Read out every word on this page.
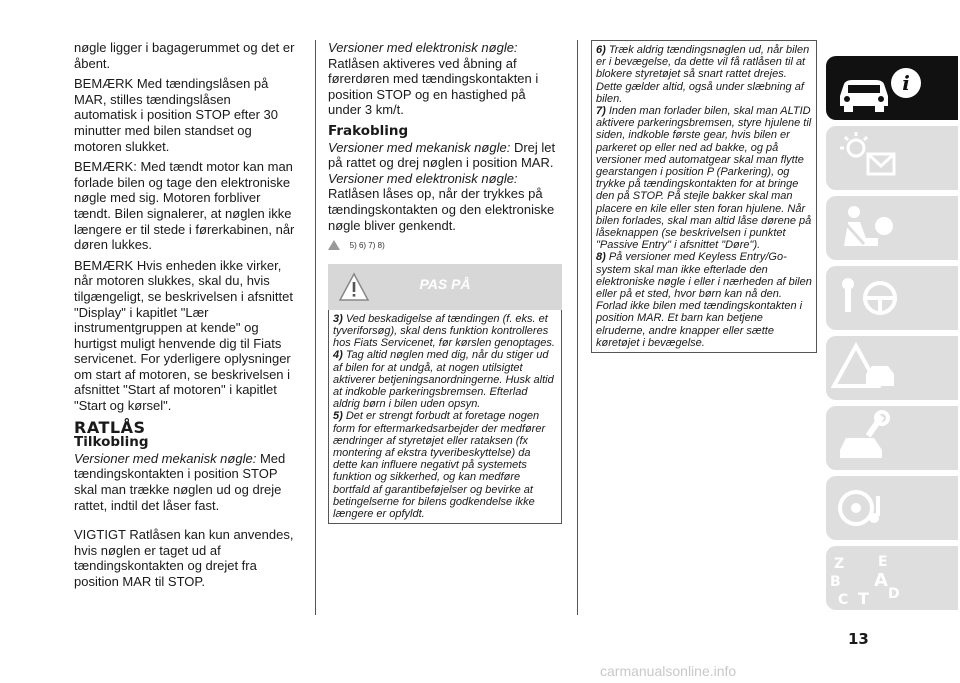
nøgle ligger i bagagerummet og det er åbent.

BEMÆRK Med tændingslåsen på MAR, stilles tændingslåsen automatisk i position STOP efter 30 minutter med bilen standset og motoren slukket.

BEMÆRK: Med tændt motor kan man forlade bilen og tage den elektroniske nøgle med sig. Motoren forbliver tændt. Bilen signalerer, at nøglen ikke længere er til stede i førerkabinen, når døren lukkes.

BEMÆRK Hvis enheden ikke virker, når motoren slukkes, skal du, hvis tilgængeligt, se beskrivelsen i afsnittet "Display" i kapitlet "Lær instrumentgruppen at kende" og hurtigst muligt henvende dig til Fiats servicenet. For yderligere oplysninger om start af motoren, se beskrivelsen i afsnittet "Start af motoren" i kapitlet "Start og kørsel".

RATLÅS
Tilkobling

Versioner med mekanisk nøgle: Med tændingskontakten i position STOP skal man trække nøglen ud og dreje rattet, indtil det låser fast.

VIGTIGT Ratlåsen kan kun anvendes, hvis nøglen er taget ud af tændingskontakten og drejet fra position MAR til STOP.

Versioner med elektronisk nøgle:

Ratlåsen aktiveres ved åbning af førerdøren med tændingskontakten i position STOP og en hastighed på under 3 km/t.

Frakobling

Versioner med mekanisk nøgle: Drej let på rattet og drej nøglen i position MAR.

Versioner med elektronisk nøgle:

Ratlåsen låses op, når der trykkes på tændingskontakten og den elektroniske nøgle bliver genkendt.

5) 6) 7) 8)
PAS PÅ

3) Ved beskadigelse af tændingen (f. eks. et tyveriforsøg), skal dens funktion kontrolleres hos Fiats Servicenet, før kørslen genoptages.

4) Tag altid nøglen med dig, når du stiger ud af bilen for at undgå, at nogen utilsigtet aktiverer betjeningsanordningerne. Husk altid at indkoble parkeringsbremsen. Efterlad aldrig børn i bilen uden opsyn.

5) Det er strengt forbudt at foretage nogen form for eftermarkedsarbejder der medfører ændringer af styretøjet eller rataksen (fx montering af ekstra tyveribeskyttelse) da dette kan influere negativt på systemets funktion og sikkerhed, og kan medføre bortfald af garantibeføjelser og bevirke at betingelserne for bilens godkendelse ikke længere er opfyldt.

6) Træk aldrig tændingsnøglen ud, når bilen er i bevægelse, da dette vil få ratlåsen til at blokere styretøjet så snart rattet drejes. Dette gælder altid, også under slæbning af bilen.

7) Inden man forlader bilen, skal man ALTID aktivere parkeringsbremsen, styre hjulene til siden, indkoble første gear, hvis bilen er parkeret op eller ned ad bakke, og på versioner med automatgear skal man flytte gearstangen i position P (Parkering), og trykke på tændingskontakten for at bringe den på STOP. På stejle bakker skal man placere en kile eller sten foran hjulene. Når bilen forlades, skal man altid låse dørene på låseknappen (se beskrivelsen i punktet "Passive Entry" i afsnittet "Døre").

8) På versioner med Keyless Entry/Go-system skal man ikke efterlade den elektroniske nøgle i eller i nærheden af bilen eller på et sted, hvor børn kan nå den. Forlad ikke bilen med tændingskontakten i position MAR. Et barn kan betjene elruderne, andre knapper eller sætte køretøjet i bevægelse.

i
Z E
B A
C T D
13
carmanualsonline.info
